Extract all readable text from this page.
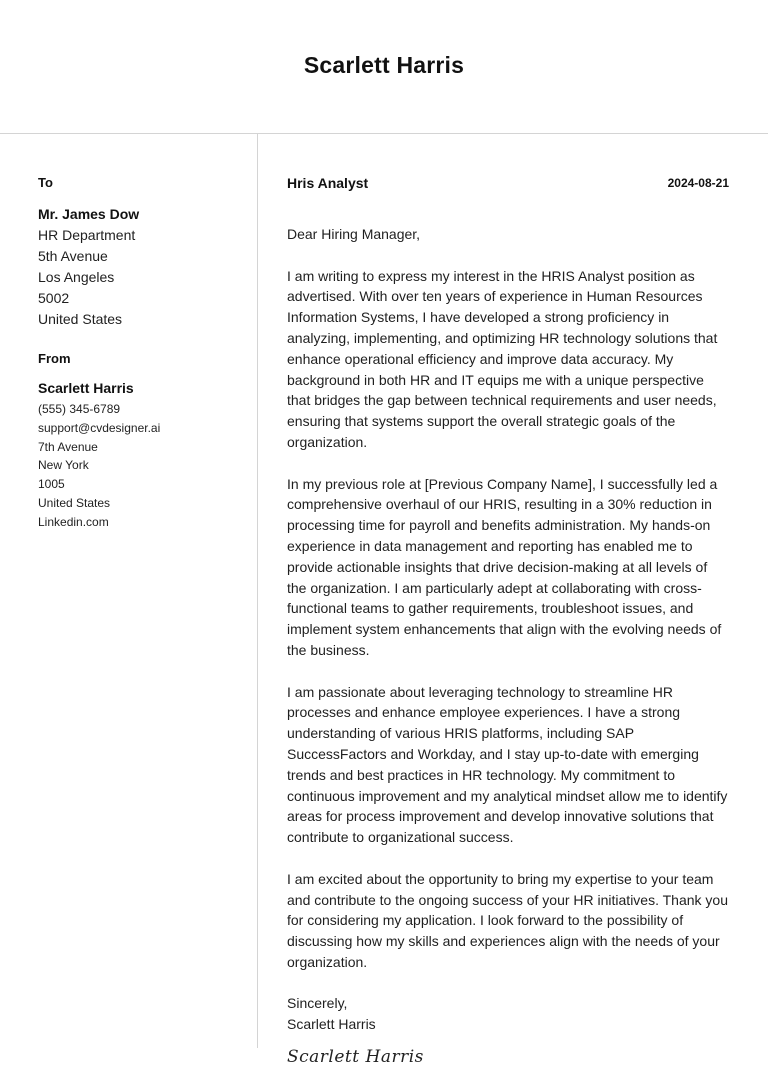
Scarlett Harris
To
Mr. James Dow
HR Department
5th Avenue
Los Angeles
5002
United States
From
Scarlett Harris
(555) 345-6789
support@cvdesigner.ai
7th Avenue
New York
1005
United States
Linkedin.com
Hris Analyst	2024-08-21
Dear Hiring Manager,
I am writing to express my interest in the HRIS Analyst position as advertised. With over ten years of experience in Human Resources Information Systems, I have developed a strong proficiency in analyzing, implementing, and optimizing HR technology solutions that enhance operational efficiency and improve data accuracy. My background in both HR and IT equips me with a unique perspective that bridges the gap between technical requirements and user needs, ensuring that systems support the overall strategic goals of the organization.
In my previous role at [Previous Company Name], I successfully led a comprehensive overhaul of our HRIS, resulting in a 30% reduction in processing time for payroll and benefits administration. My hands-on experience in data management and reporting has enabled me to provide actionable insights that drive decision-making at all levels of the organization. I am particularly adept at collaborating with cross-functional teams to gather requirements, troubleshoot issues, and implement system enhancements that align with the evolving needs of the business.
I am passionate about leveraging technology to streamline HR processes and enhance employee experiences. I have a strong understanding of various HRIS platforms, including SAP SuccessFactors and Workday, and I stay up-to-date with emerging trends and best practices in HR technology. My commitment to continuous improvement and my analytical mindset allow me to identify areas for process improvement and develop innovative solutions that contribute to organizational success.
I am excited about the opportunity to bring my expertise to your team and contribute to the ongoing success of your HR initiatives. Thank you for considering my application. I look forward to the possibility of discussing how my skills and experiences align with the needs of your organization.
Sincerely,
Scarlett Harris
Scarlett Harris
